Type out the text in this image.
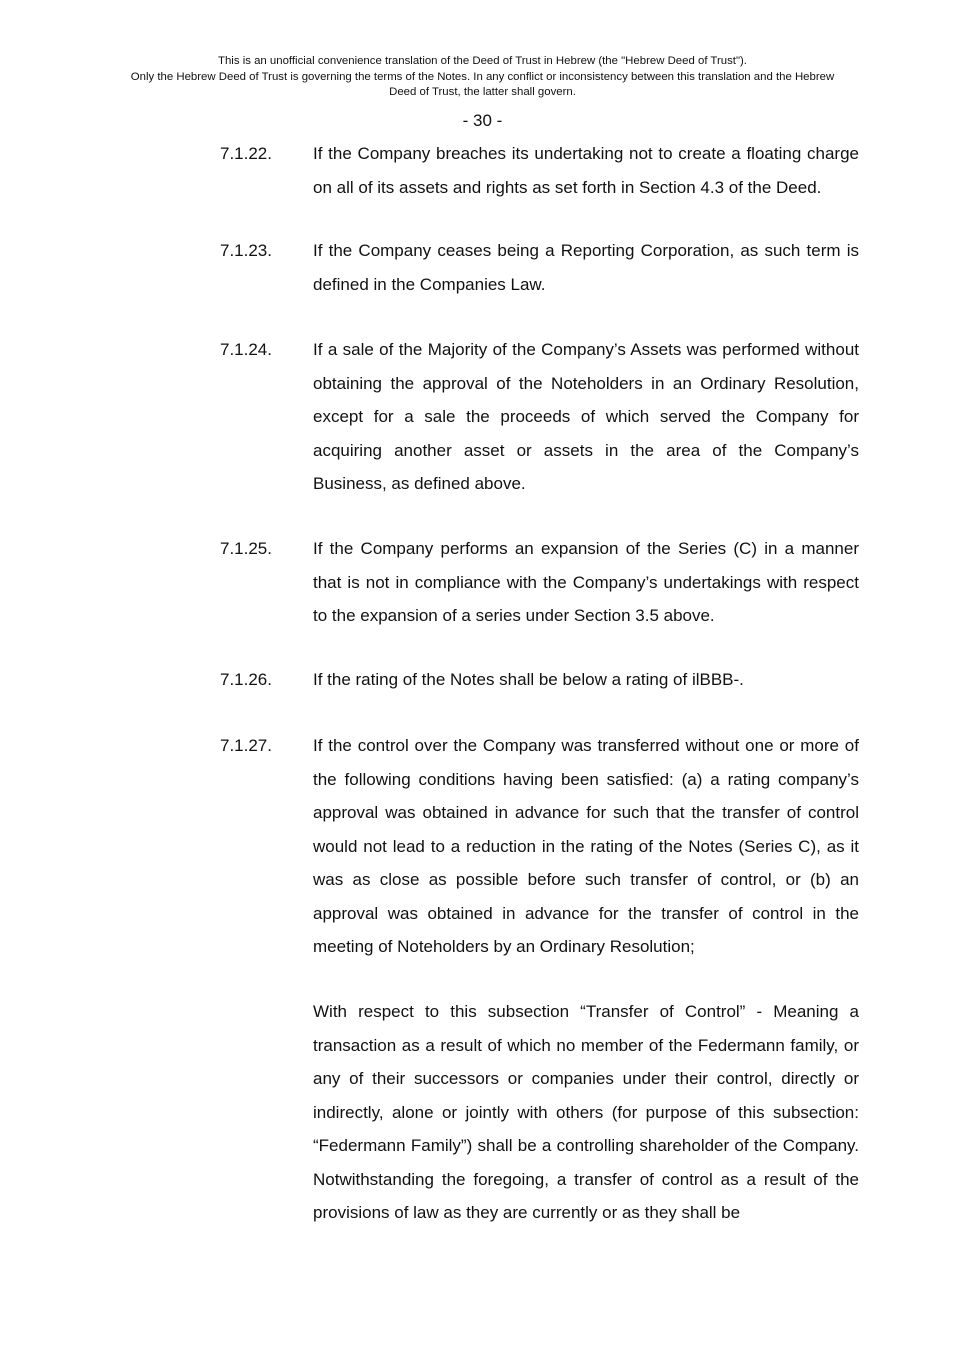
This is an unofficial convenience translation of the Deed of Trust in Hebrew (the "Hebrew Deed of Trust").
Only the Hebrew Deed of Trust is governing the terms of the Notes. In any conflict or inconsistency between this translation and the Hebrew
Deed of Trust, the latter shall govern.
- 30 -
7.1.22. If the Company breaches its undertaking not to create a floating charge on all of its assets and rights as set forth in Section 4.3 of the Deed.
7.1.23. If the Company ceases being a Reporting Corporation, as such term is defined in the Companies Law.
7.1.24. If a sale of the Majority of the Company’s Assets was performed without obtaining the approval of the Noteholders in an Ordinary Resolution, except for a sale the proceeds of which served the Company for acquiring another asset or assets in the area of the Company’s Business, as defined above.
7.1.25. If the Company performs an expansion of the Series (C) in a manner that is not in compliance with the Company’s undertakings with respect to the expansion of a series under Section 3.5 above.
7.1.26. If the rating of the Notes shall be below a rating of ilBBB-.
7.1.27. If the control over the Company was transferred without one or more of the following conditions having been satisfied: (a) a rating company’s approval was obtained in advance for such that the transfer of control would not lead to a reduction in the rating of the Notes (Series C), as it was as close as possible before such transfer of control, or (b) an approval was obtained in advance for the transfer of control in the meeting of Noteholders by an Ordinary Resolution;
With respect to this subsection “Transfer of Control” - Meaning a transaction as a result of which no member of the Federmann family, or any of their successors or companies under their control, directly or indirectly, alone or jointly with others (for purpose of this subsection: “Federmann Family”) shall be a controlling shareholder of the Company. Notwithstanding the foregoing, a transfer of control as a result of the provisions of law as they are currently or as they shall be
